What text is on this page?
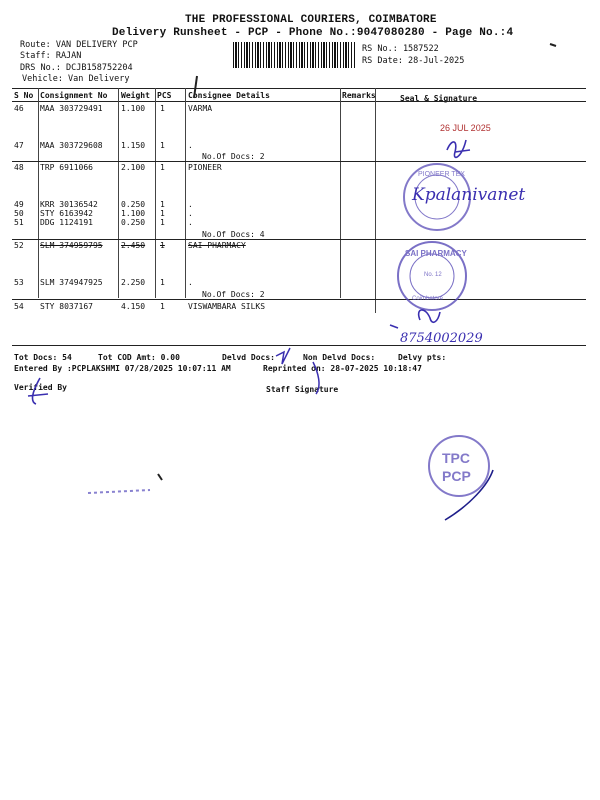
THE PROFESSIONAL COURIERS, COIMBATORE
Delivery Runsheet - PCP - Phone No.:9047080280 - Page No.:4
Route: VAN DELIVERY PCP
Staff: RAJAN
DRS No.: DCJB158752204
Vehicle: Van Delivery
RS No.: 1587522
RS Date: 28-Jul-2025
S No Consignment No Weight PCS Consignee Details	Remarks	Seal & Signature
46 MAA 303729491 1.100 1	VARMA
47 MAA 303729608 1.150 1	.
No.Of Docs: 2
48 TRP 6911066	2.100 1	PIONEER
49 KRR 30136542	0.250 1	.
50 STY 6163942	1.100 1	.
51 DDG 1124191	0.250 1	.
No.Of Docs: 4
52 SLM 374959795 2.450 1	SAI PHARMACY
53 SLM 374947925 2.250 1	.
No.Of Docs: 2
54 STY 8037167	4.150 1	VISWAMBARA SILKS
Tot Docs: 54	Tot COD Amt: 0.00	Delvd Docs:	Non Delvd Docs:	Delvy pts:
Entered By :PCPLAKSHMI 07/28/2025 10:07:11 AM	Reprinted on: 28-07-2025 10:18:47
Verified By	Staff Signature
26 JUL 2025
PIONEER TEX
Kpalanivanet
SAI PHARMACY
No. 12
Coimbatore
8754002029
TPC
PCP
